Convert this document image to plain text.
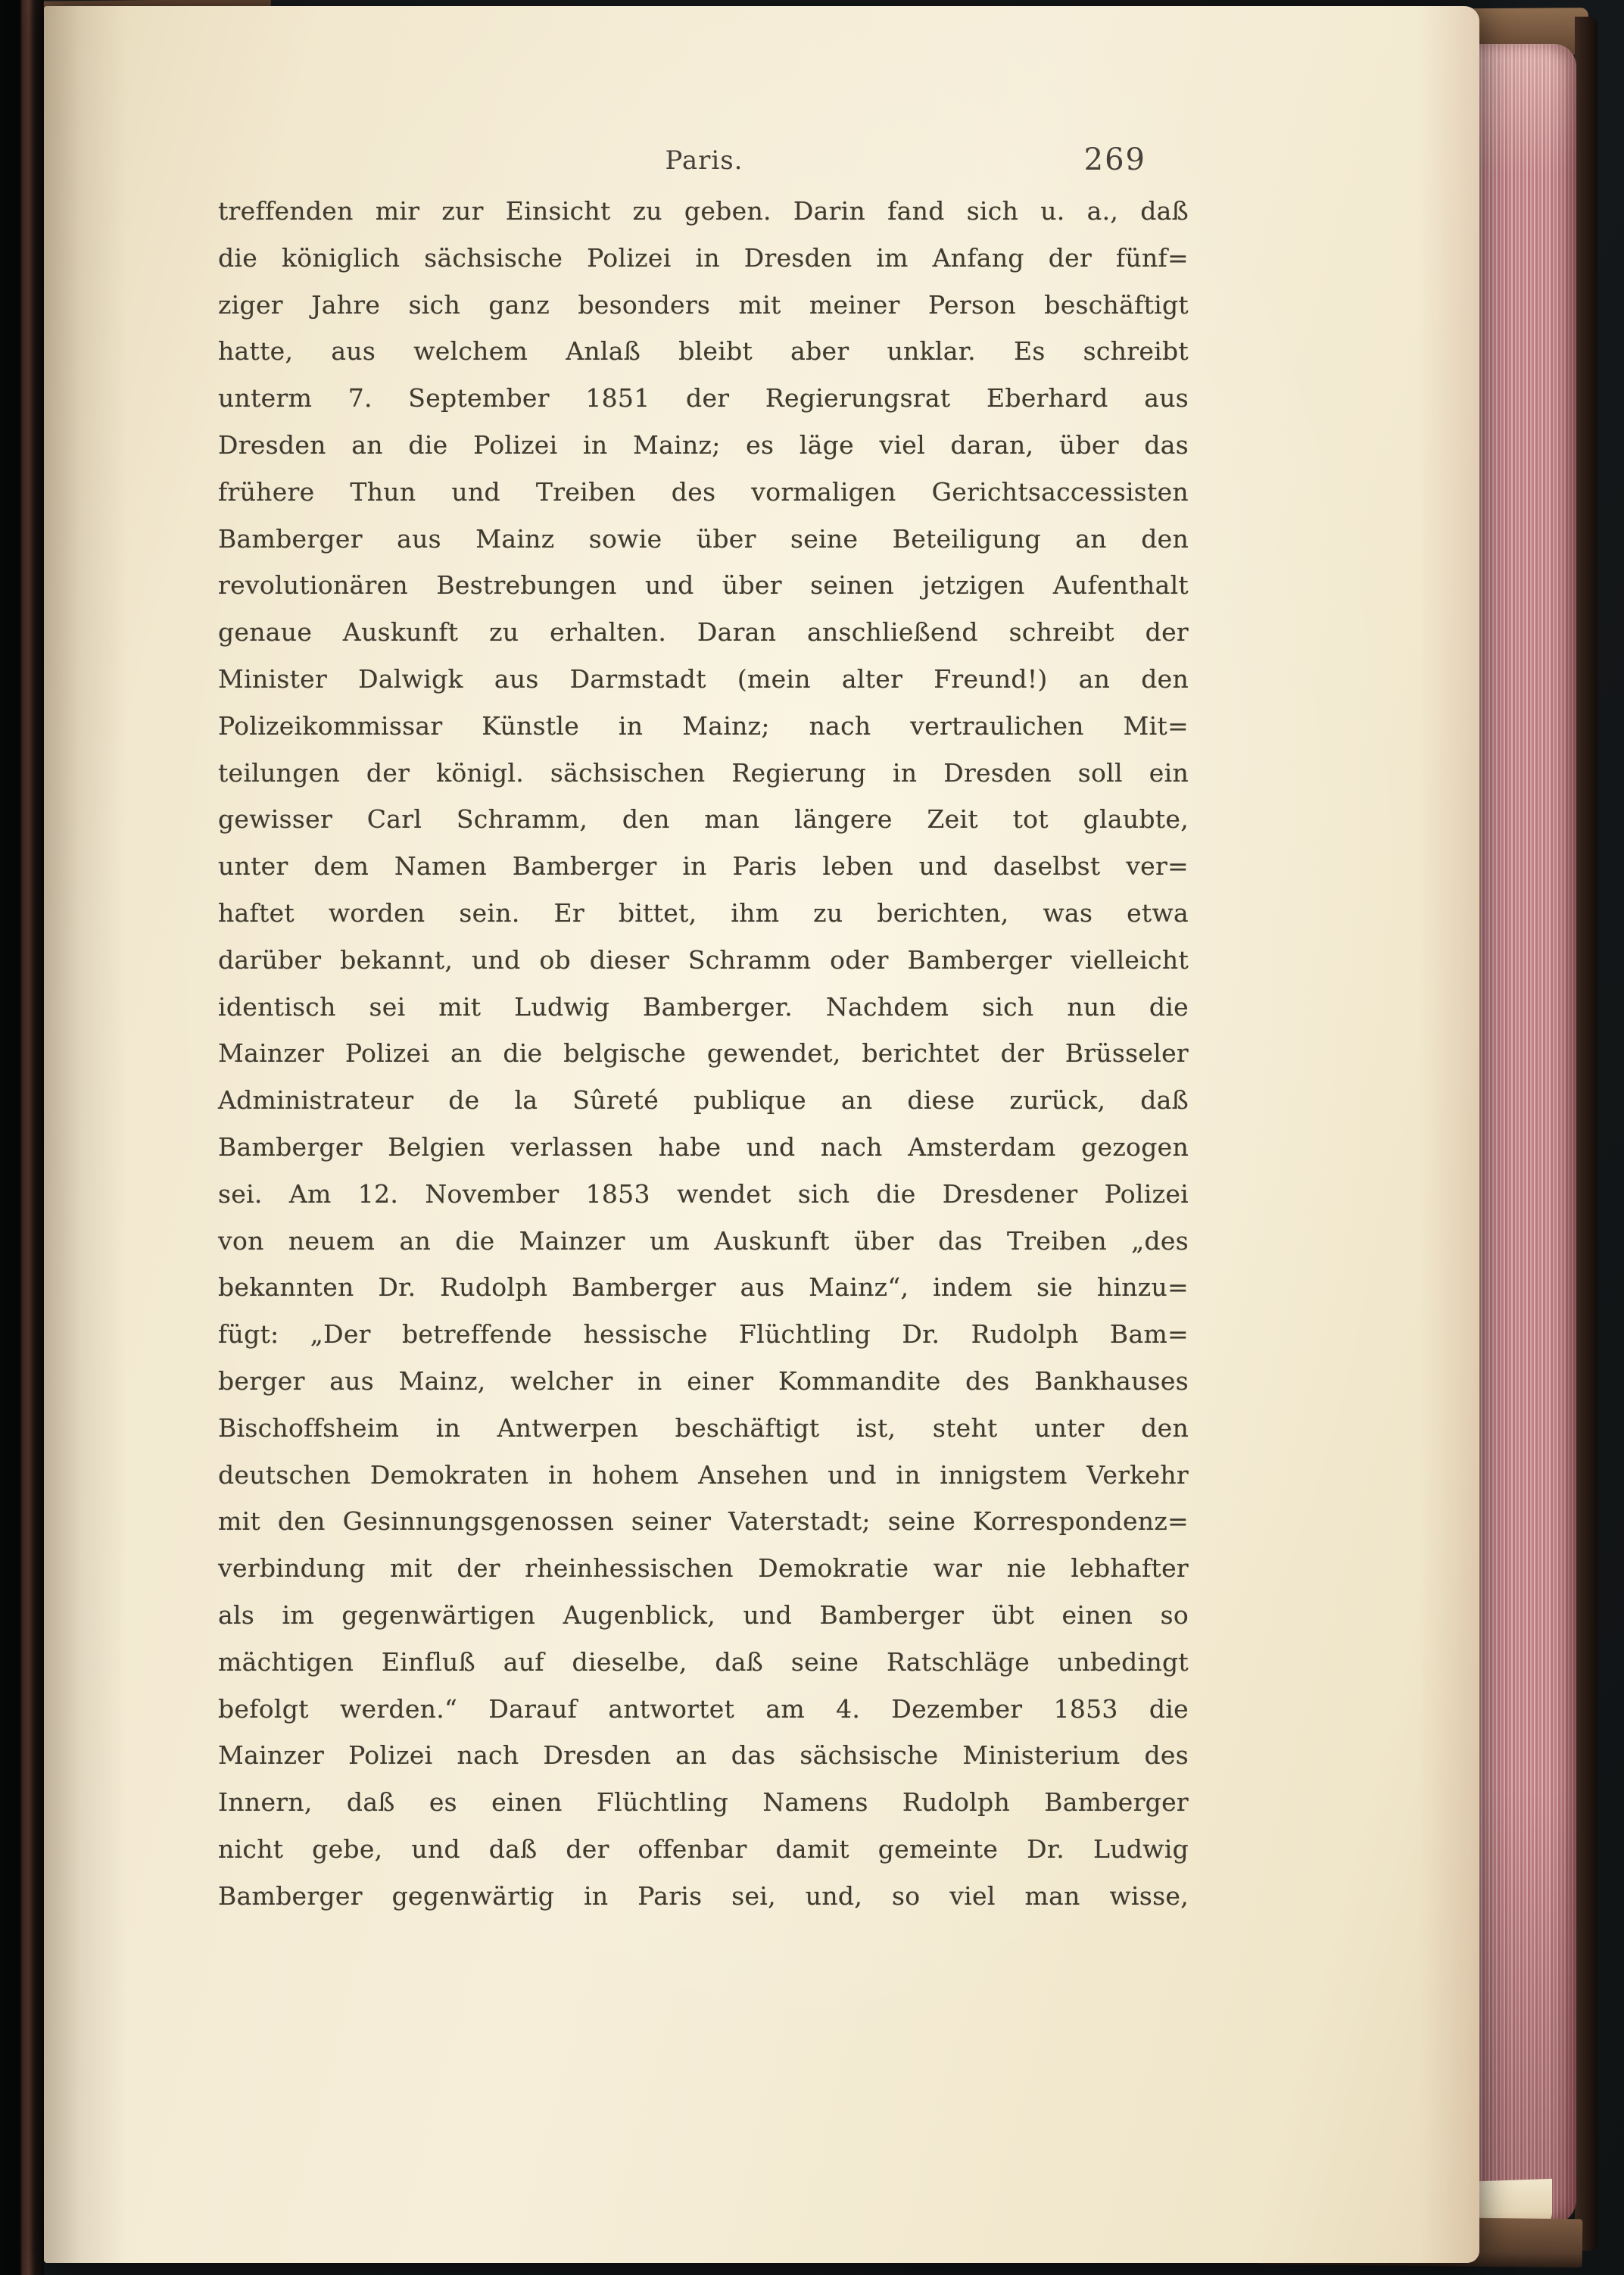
Paris.	269
treffenden mir zur Einsicht zu geben. Darin fand sich u. a., daß
die königlich sächsische Polizei in Dresden im Anfang der fünf=
ziger Jahre sich ganz besonders mit meiner Person beschäftigt
hatte, aus welchem Anlaß bleibt aber unklar. Es schreibt
unterm 7. September 1851 der Regierungsrat Eberhard aus
Dresden an die Polizei in Mainz; es läge viel daran, über das
frühere Thun und Treiben des vormaligen Gerichtsaccessisten
Bamberger aus Mainz sowie über seine Beteiligung an den
revolutionären Bestrebungen und über seinen jetzigen Aufenthalt
genaue Auskunft zu erhalten. Daran anschließend schreibt der
Minister Dalwigk aus Darmstadt (mein alter Freund!) an den
Polizeikommissar Künstle in Mainz; nach vertraulichen Mit=
teilungen der königl. sächsischen Regierung in Dresden soll ein
gewisser Carl Schramm, den man längere Zeit tot glaubte,
unter dem Namen Bamberger in Paris leben und daselbst ver=
haftet worden sein. Er bittet, ihm zu berichten, was etwa
darüber bekannt, und ob dieser Schramm oder Bamberger vielleicht
identisch sei mit Ludwig Bamberger. Nachdem sich nun die
Mainzer Polizei an die belgische gewendet, berichtet der Brüsseler
Administrateur de la Sûreté publique an diese zurück, daß
Bamberger Belgien verlassen habe und nach Amsterdam gezogen
sei. Am 12. November 1853 wendet sich die Dresdener Polizei
von neuem an die Mainzer um Auskunft über das Treiben „des
bekannten Dr. Rudolph Bamberger aus Mainz“, indem sie hinzu=
fügt: „Der betreffende hessische Flüchtling Dr. Rudolph Bam=
berger aus Mainz, welcher in einer Kommandite des Bankhauses
Bischoffsheim in Antwerpen beschäftigt ist, steht unter den
deutschen Demokraten in hohem Ansehen und in innigstem Verkehr
mit den Gesinnungsgenossen seiner Vaterstadt; seine Korrespondenz=
verbindung mit der rheinhessischen Demokratie war nie lebhafter
als im gegenwärtigen Augenblick, und Bamberger übt einen so
mächtigen Einfluß auf dieselbe, daß seine Ratschläge unbedingt
befolgt werden.“ Darauf antwortet am 4. Dezember 1853 die
Mainzer Polizei nach Dresden an das sächsische Ministerium des
Innern, daß es einen Flüchtling Namens Rudolph Bamberger
nicht gebe, und daß der offenbar damit gemeinte Dr. Ludwig
Bamberger gegenwärtig in Paris sei, und, so viel man wisse,
